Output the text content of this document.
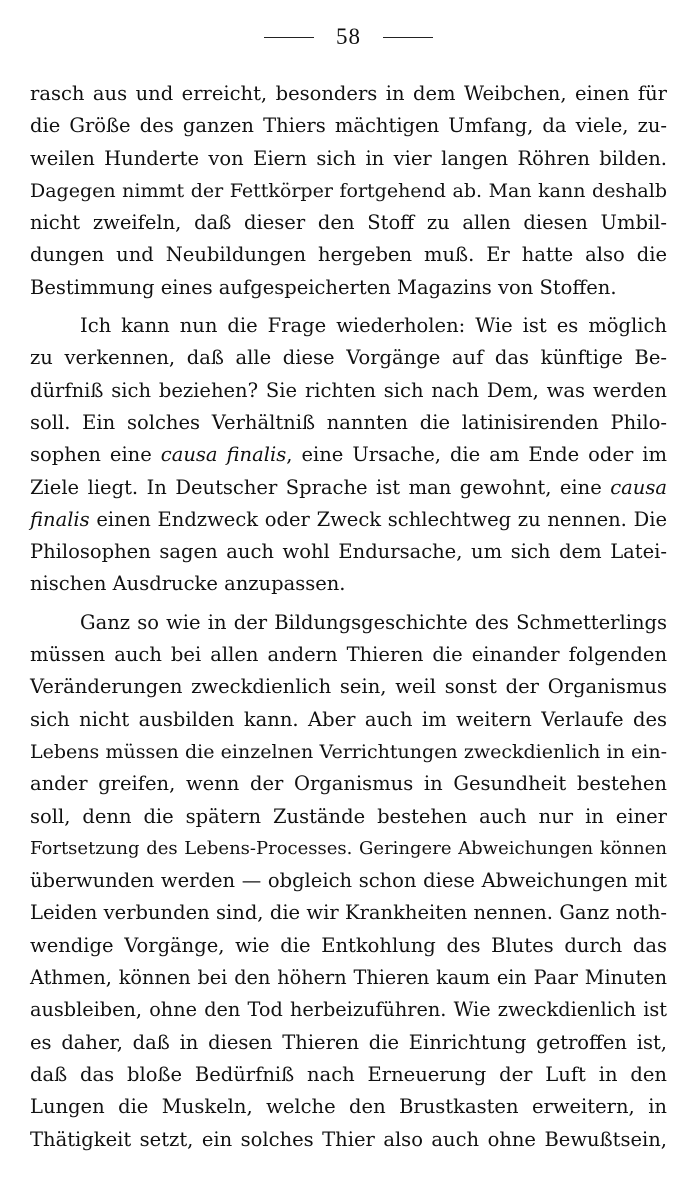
58
rasch aus und erreicht, besonders in dem Weibchen, einen für
die Größe des ganzen Thiers mächtigen Umfang, da viele, zu-
weilen Hunderte von Eiern sich in vier langen Röhren bilden.
Dagegen nimmt der Fettkörper fortgehend ab. Man kann deshalb
nicht zweifeln, daß dieser den Stoff zu allen diesen Umbil-
dungen und Neubildungen hergeben muß. Er hatte also die
Bestimmung eines aufgespeicherten Magazins von Stoffen.
Ich kann nun die Frage wiederholen: Wie ist es möglich
zu verkennen, daß alle diese Vorgänge auf das künftige Be-
dürfniß sich beziehen? Sie richten sich nach Dem, was werden
soll. Ein solches Verhältniß nannten die latinisirenden Philo-
sophen eine causa finalis, eine Ursache, die am Ende oder im
Ziele liegt. In Deutscher Sprache ist man gewohnt, eine causa
finalis einen Endzweck oder Zweck schlechtweg zu nennen. Die
Philosophen sagen auch wohl Endursache, um sich dem Latei-
nischen Ausdrucke anzupassen.
Ganz so wie in der Bildungsgeschichte des Schmetterlings
müssen auch bei allen andern Thieren die einander folgenden
Veränderungen zweckdienlich sein, weil sonst der Organismus
sich nicht ausbilden kann. Aber auch im weitern Verlaufe des
Lebens müssen die einzelnen Verrichtungen zweckdienlich in ein-
ander greifen, wenn der Organismus in Gesundheit bestehen
soll, denn die spätern Zustände bestehen auch nur in einer
Fortsetzung des Lebens-Processes. Geringere Abweichungen können
überwunden werden — obgleich schon diese Abweichungen mit
Leiden verbunden sind, die wir Krankheiten nennen. Ganz noth-
wendige Vorgänge, wie die Entkohlung des Blutes durch das
Athmen, können bei den höhern Thieren kaum ein Paar Minuten
ausbleiben, ohne den Tod herbeizuführen. Wie zweckdienlich ist
es daher, daß in diesen Thieren die Einrichtung getroffen ist,
daß das bloße Bedürfniß nach Erneuerung der Luft in den
Lungen die Muskeln, welche den Brustkasten erweitern, in
Thätigkeit setzt, ein solches Thier also auch ohne Bewußtsein,
